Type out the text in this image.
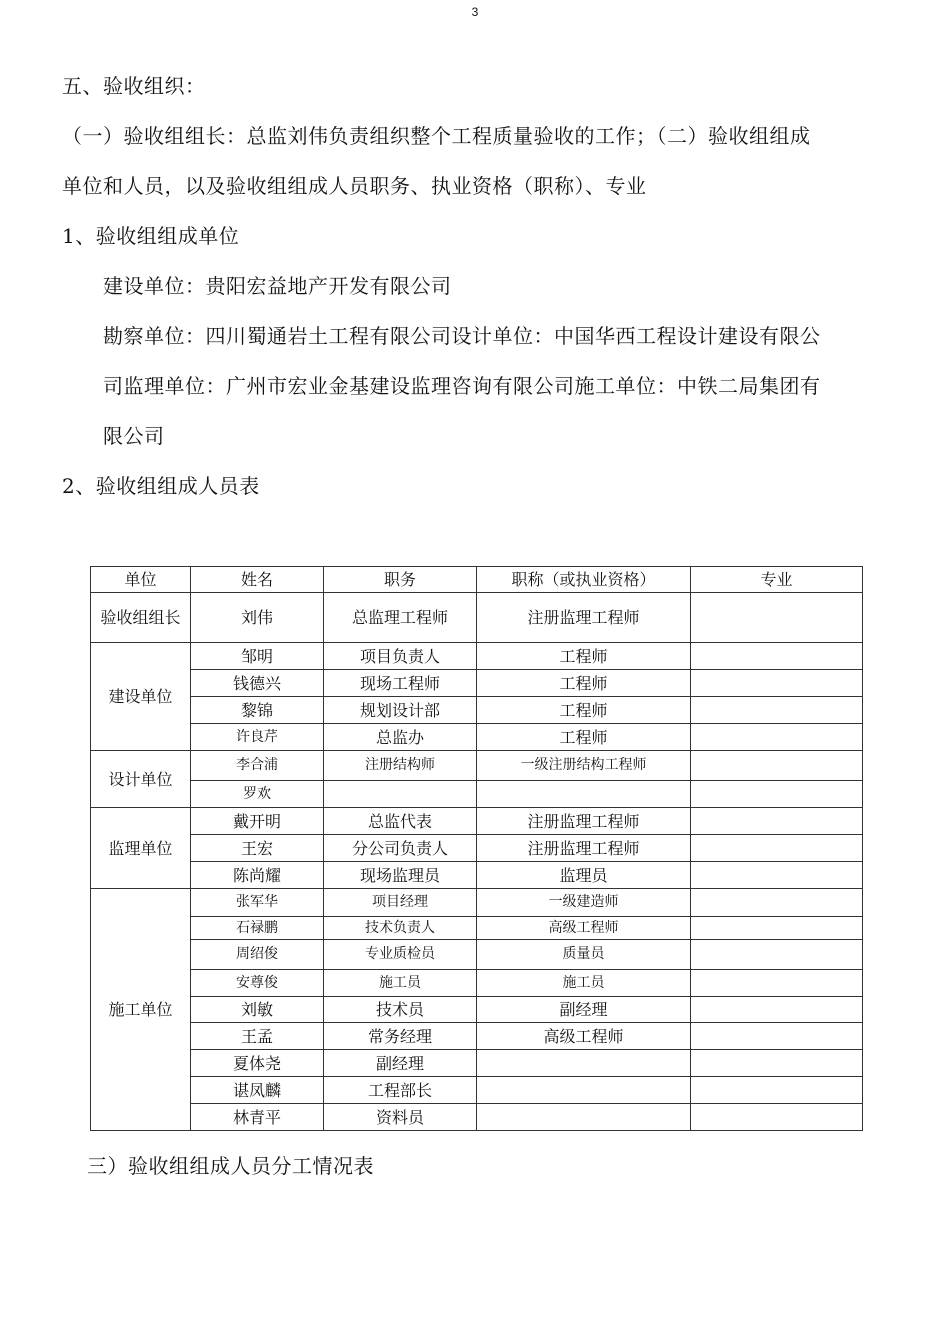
3
五、验收组织：
（一）验收组组长：总监刘伟负责组织整个工程质量验收的工作；（二）验收组组成
单位和人员，以及验收组组成人员职务、执业资格（职称）、专业
1、验收组组成单位
建设单位：贵阳宏益地产开发有限公司
勘察单位：四川蜀通岩土工程有限公司设计单位：中国华西工程设计建设有限公
司监理单位：广州市宏业金基建设监理咨询有限公司施工单位：中铁二局集团有
限公司
2、验收组组成人员表
单位	姓名	职务	职称（或执业资格）	专业
验收组组长	刘伟	总监理工程师	注册监理工程师	
建设单位	邹明	项目负责人	工程师	
	钱德兴	现场工程师	工程师	
	黎锦	规划设计部	工程师	
	许良芹	总监办	工程师	
设计单位	李合浦	注册结构师	一级注册结构工程师	
	罗欢			
监理单位	戴开明	总监代表	注册监理工程师	
	王宏	分公司负责人	注册监理工程师	
	陈尚耀	现场监理员	监理员	
施工单位	张军华	项目经理	一级建造师	
	石禄鹏	技术负责人	高级工程师	
	周绍俊	专业质检员	质量员	
	安尊俊	施工员	施工员	
	刘敏	技术员	副经理	
	王孟	常务经理	高级工程师	
	夏体尧	副经理		
	谌凤麟	工程部长		
	林青平	资料员		
三）验收组组成人员分工情况表
